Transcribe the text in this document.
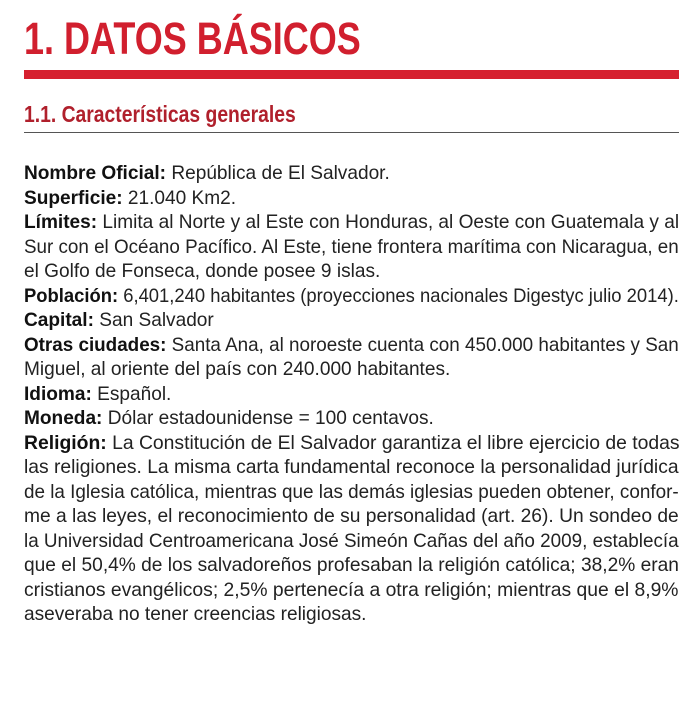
1. DATOS BÁSICOS
1.1. Características generales
Nombre Oficial: República de El Salvador.
Superficie: 21.040 Km2.
Límites: Limita al Norte y al Este con Honduras, al Oeste con Guatemala y al
Sur con el Océano Pacífico. Al Este, tiene frontera marítima con Nicaragua, en
el Golfo de Fonseca, donde posee 9 islas.
Población: 6,401,240 habitantes (proyecciones nacionales Digestyc julio 2014).
Capital: San Salvador
Otras ciudades: Santa Ana, al noroeste cuenta con 450.000 habitantes y San
Miguel, al oriente del país con 240.000 habitantes.
Idioma: Español.
Moneda: Dólar estadounidense = 100 centavos.
Religión: La Constitución de El Salvador garantiza el libre ejercicio de todas
las religiones. La misma carta fundamental reconoce la personalidad jurídica
de la Iglesia católica, mientras que las demás iglesias pueden obtener, confor-
me a las leyes, el reconocimiento de su personalidad (art. 26). Un sondeo de
la Universidad Centroamericana José Simeón Cañas del año 2009, establecía
que el 50,4% de los salvadoreños profesaban la religión católica; 38,2% eran
cristianos evangélicos; 2,5% pertenecía a otra religión; mientras que el 8,9%
aseveraba no tener creencias religiosas.
